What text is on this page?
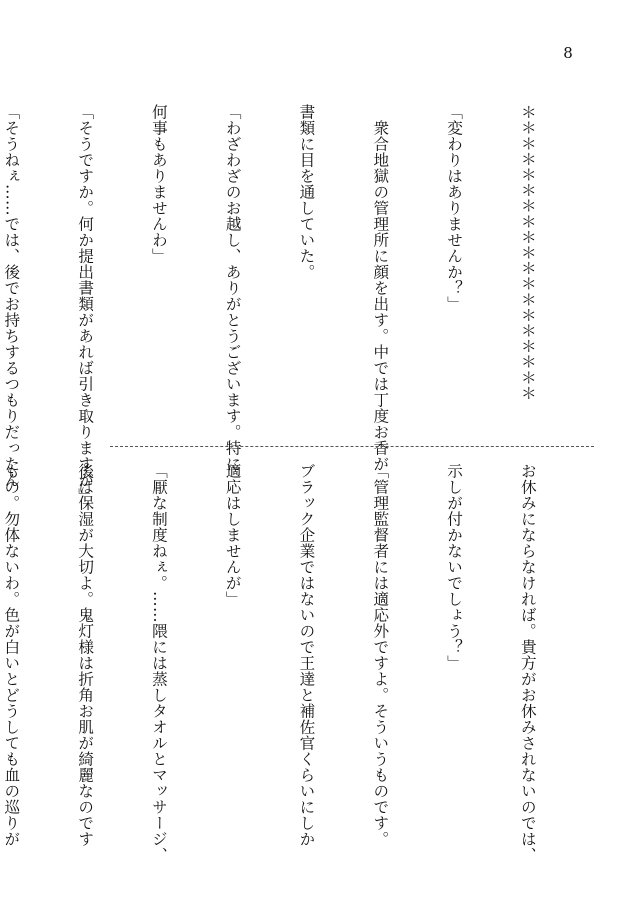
8

＊＊＊＊＊＊＊＊＊＊＊＊＊＊＊＊＊＊＊

「変わりはありませんか？」

　衆合地獄の管理所に顔を出す。中では丁度お香が

書類に目を通していた。

「わざわざのお越し、ありがとうございます。特に

何事もありませんわ」

「そうですか。何か提出書類があれば引き取りますが」

「そうねぇ……では、後でお持ちするつもりだったん

お休みにならなければ。貴方がお休みされないのでは、

示しが付かないでしょう？」

「管理監督者には適応外ですよ。そういうものです。

ブラック企業ではないので王達と補佐官くらいにしか

適応はしませんが」

「厭な制度ねぇ。……隈には蒸しタオルとマッサージ、

後は保湿が大切よ。鬼灯様は折角お肌が綺麗なのです

もの。勿体ないわ。色が白いとどうしても血の巡りが
